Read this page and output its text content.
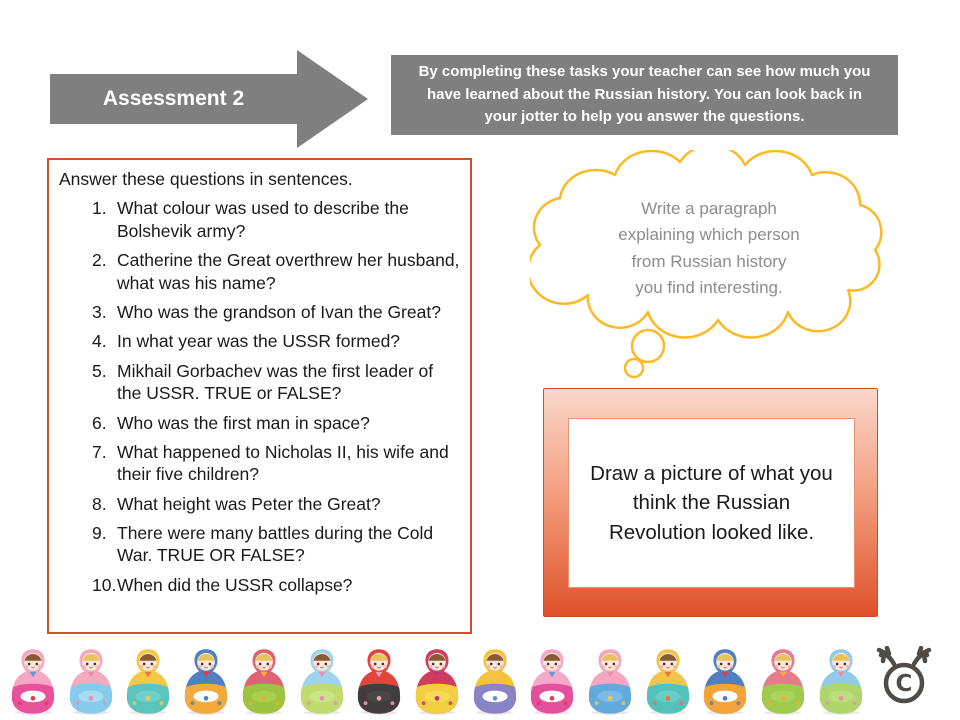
Assessment 2
By completing these tasks your teacher can see how much you
have learned about the Russian history. You can look back in
your jotter to help you answer the questions.

Answer these questions in sentences.

1. What colour was used to describe the Bolshevik army?
2. Catherine the Great overthrew her husband, what was his name?
3. Who was the grandson of Ivan the Great?
4. In what year was the USSR formed?
5. Mikhail Gorbachev was the first leader of the USSR. TRUE or FALSE?
6. Who was the first man in space?
7. What happened to Nicholas II, his wife and their five children?
8. What height was Peter the Great?
9. There were many battles during the Cold War. TRUE OR FALSE?
10. When did the USSR collapse?
Write a paragraph
explaining which person
from Russian history
you find interesting.
Draw a picture of what you
think the Russian
Revolution looked like.
C
